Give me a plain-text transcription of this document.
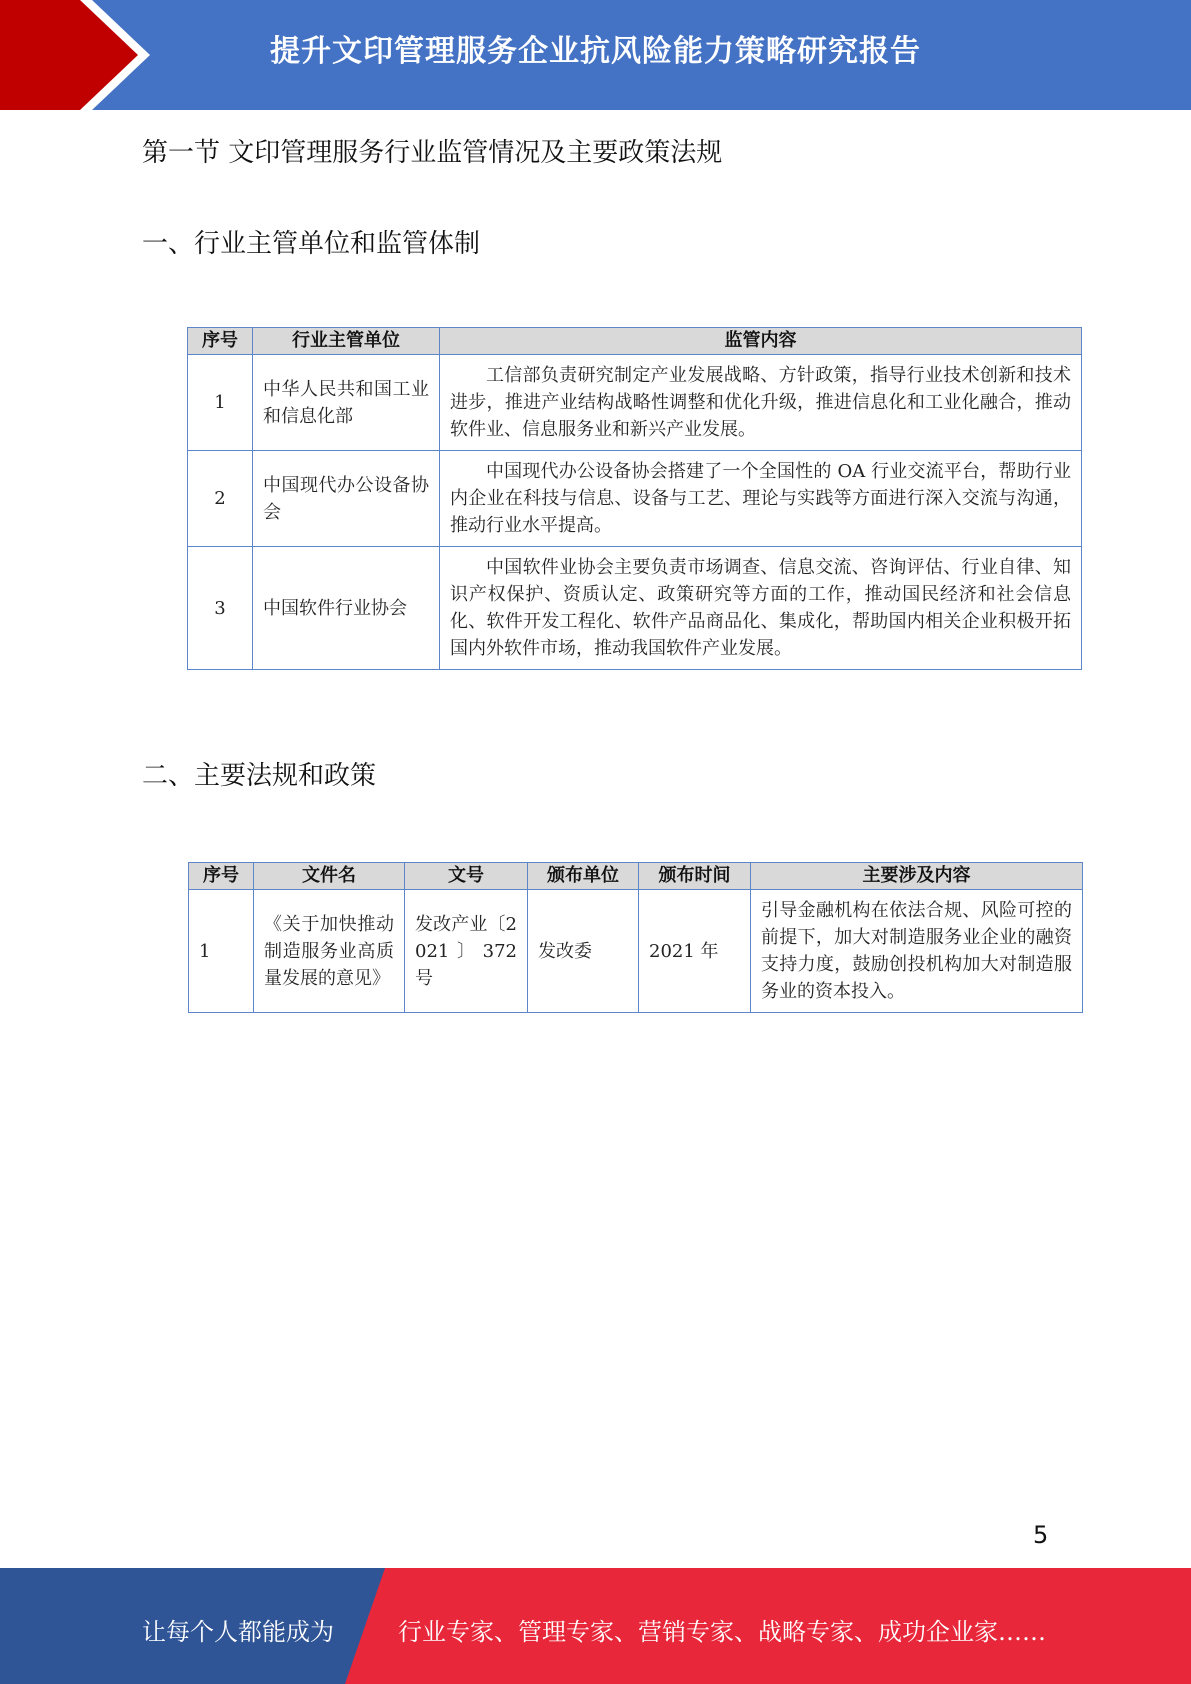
提升文印管理服务企业抗风险能力策略研究报告
第一节 文印管理服务行业监管情况及主要政策法规
一、行业主管单位和监管体制
序号	行业主管单位	监管内容
1	中华人民共和国工业和信息化部	工信部负责研究制定产业发展战略、方针政策，指导行业技术创新和技术进步，推进产业结构战略性调整和优化升级，推进信息化和工业化融合，推动软件业、信息服务业和新兴产业发展。
2	中国现代办公设备协会	中国现代办公设备协会搭建了一个全国性的 OA 行业交流平台，帮助行业内企业在科技与信息、设备与工艺、理论与实践等方面进行深入交流与沟通，推动行业水平提高。
3	中国软件行业协会	中国软件业协会主要负责市场调查、信息交流、咨询评估、行业自律、知识产权保护、资质认定、政策研究等方面的工作，推动国民经济和社会信息化、软件开发工程化、软件产品商品化、集成化，帮助国内相关企业积极开拓国内外软件市场，推动我国软件产业发展。
二、主要法规和政策
序号	文件名	文号	颁布单位	颁布时间	主要涉及内容
1	《关于加快推动制造服务业高质量发展的意见》	发改产业〔2021〕372 号	发改委	2021 年	引导金融机构在依法合规、风险可控的前提下，加大对制造服务业企业的融资支持力度，鼓励创投机构加大对制造服务业的资本投入。
5
让每个人都能成为	行业专家、管理专家、营销专家、战略专家、成功企业家……
